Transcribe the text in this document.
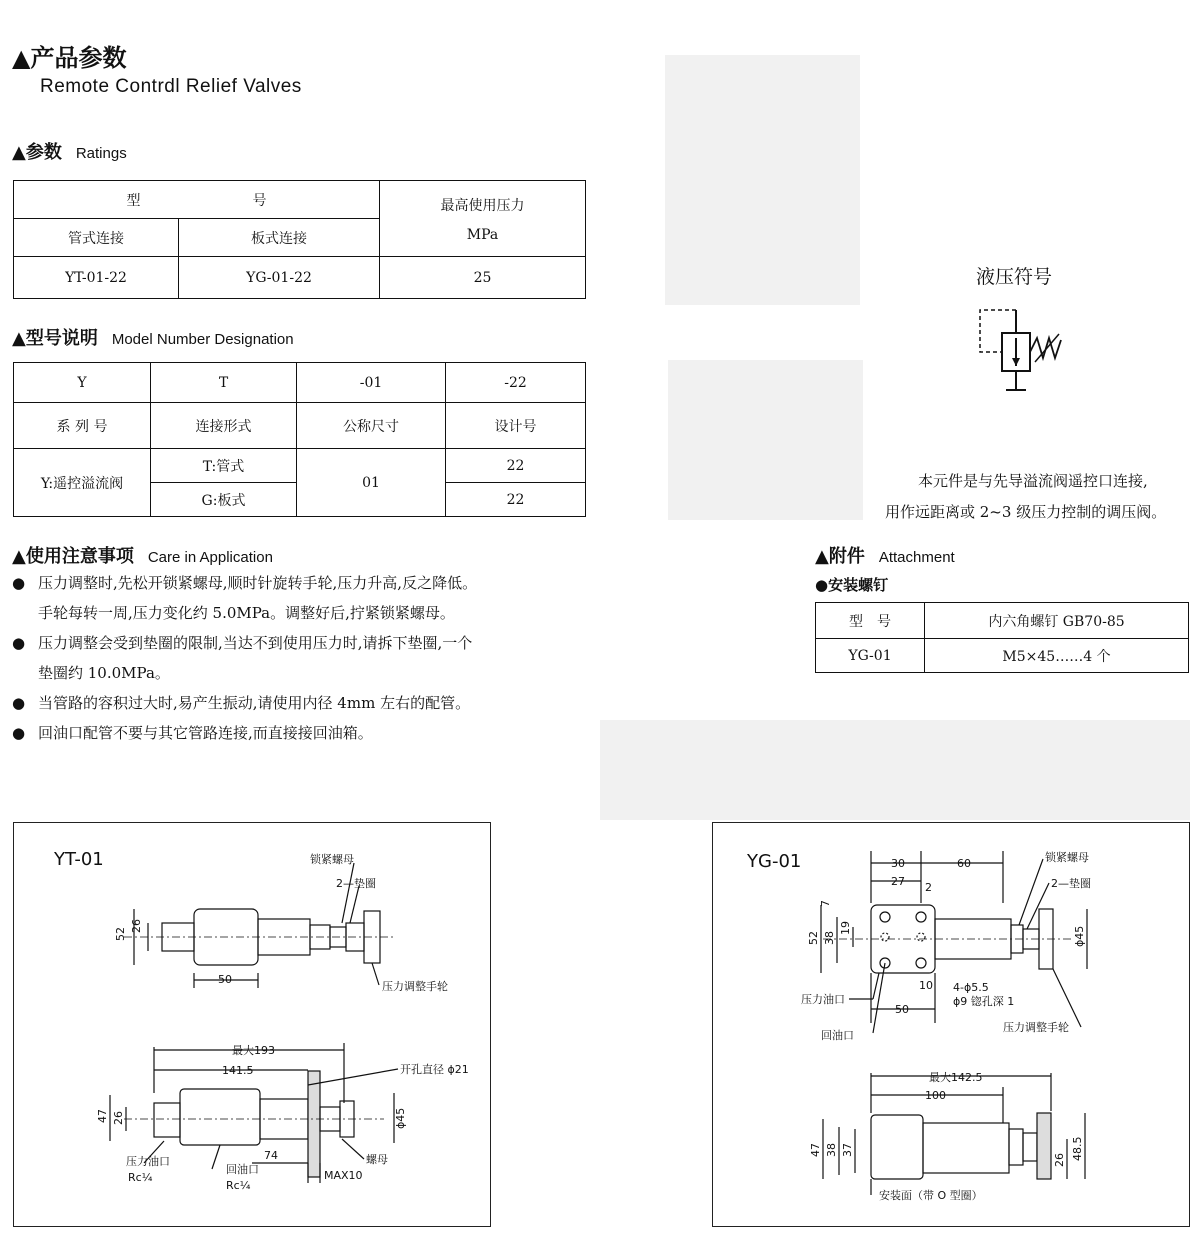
▲产品参数
Remote Contrdl Relief Valves
▲参数 Ratings
型　　　　　　　　号		最高使用压力
MPa

管式连接	板式连接	
YT-01-22	YG-01-22	25
▲型号说明 Model Number Designation
Y	T	-01	-22
系 列 号	连接形式	公称尺寸	设计号
Y:遥控溢流阀	T:管式	01	22
	G:板式		22
▲使用注意事项 Care in Application
● 压力调整时,先松开锁紧螺母,顺时针旋转手轮,压力升高,反之降低。手轮每转一周,压力变化约 5.0MPa。调整好后,拧紧锁紧螺母。
● 压力调整会受到垫圈的限制,当达不到使用压力时,请拆下垫圈,一个垫圈约 10.0MPa。
● 当管路的容积过大时,易产生振动,请使用内径 4mm 左右的配管。
● 回油口配管不要与其它管路连接,而直接接回油箱。
液压符号
本元件是与先导溢流阀遥控口连接,
用作远距离或 2~3 级压力控制的调压阀。
▲附件 Attachment
●安装螺钉
型　号	内六角螺钉 GB70-85
YG-01	M5×45……4 个
YT-01	锁紧螺母
2—垫圈
压力调整手轮
52
26
50
最大193
141.5	开孔直径 ϕ21
47 26	ϕ45
压力油口
Rc¼
回油口
Rc¼
74	螺母
MAX10
YG-01	30	60
27 2
锁紧螺母
2—垫圈
7
52 38
19	ϕ45
压力油口
10 4-ϕ5.5
ϕ9 锪孔深 1
50
回油口
压力调整手轮
最大142.5
100
47 38 37
26 48.5
安装面（带 O 型圈）
